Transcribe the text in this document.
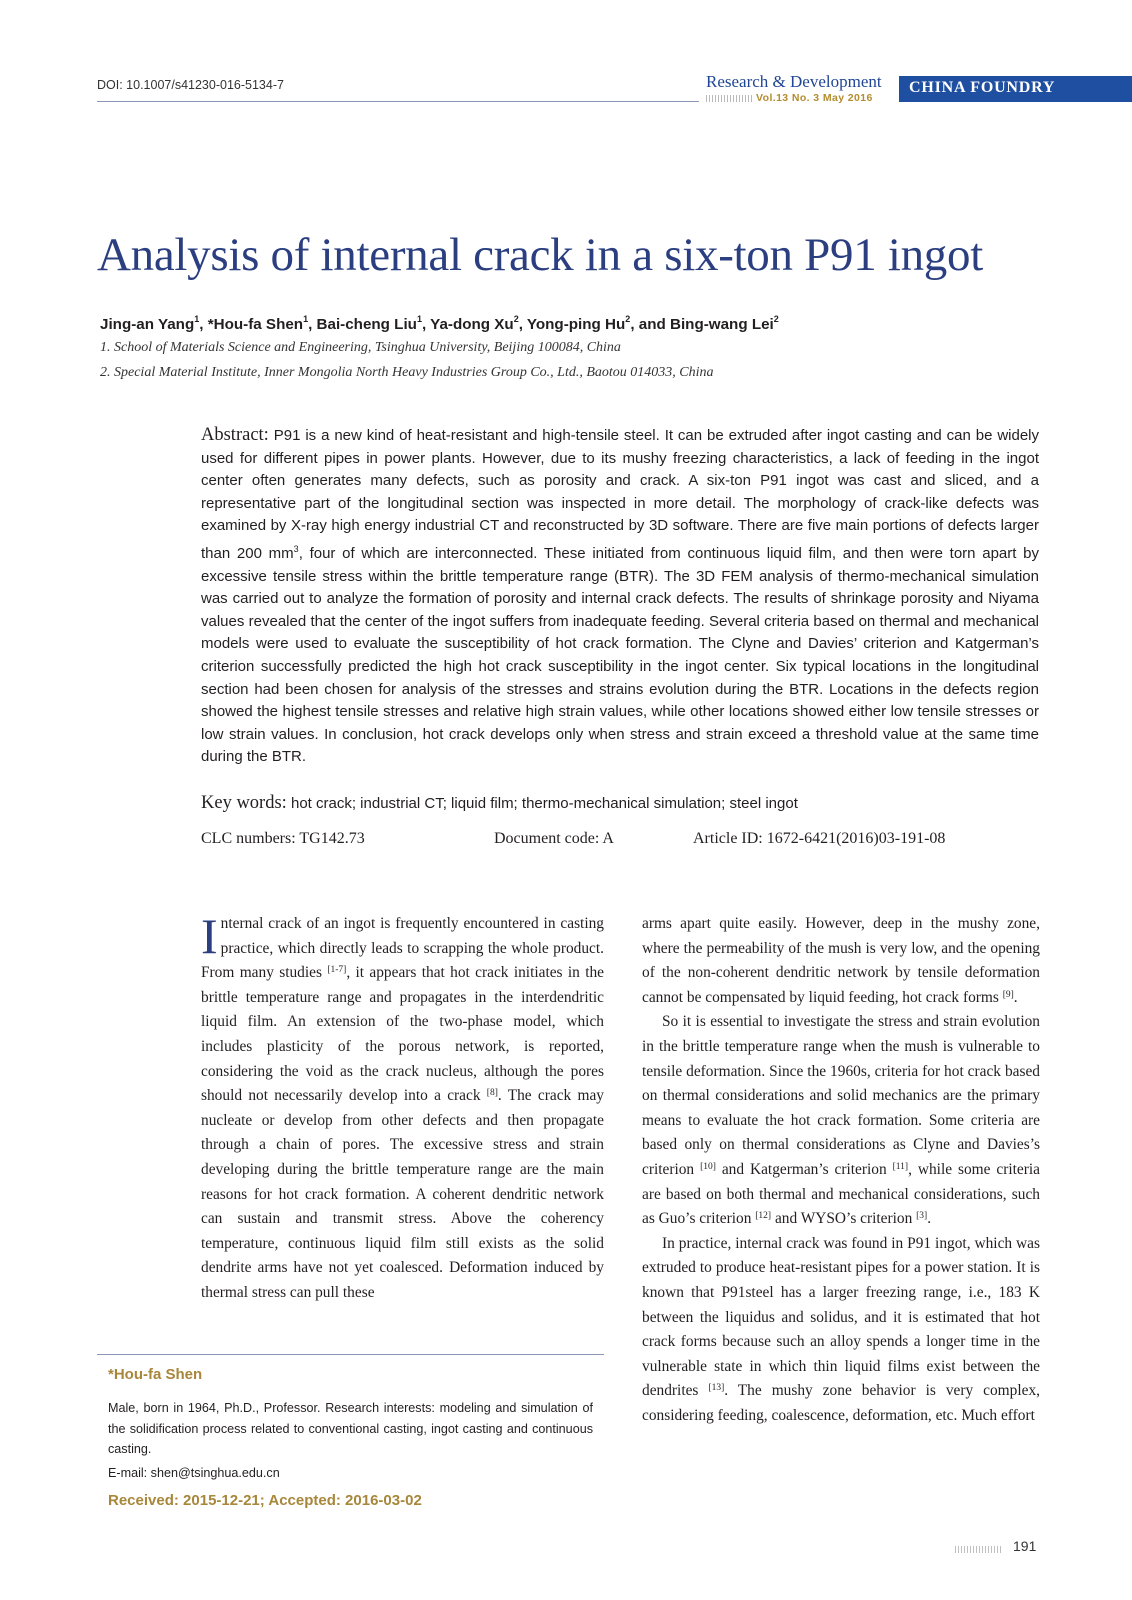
DOI: 10.1007/s41230-016-5134-7	Research & Development
Vol.13 No. 3 May 2016
CHINA FOUNDRY
Analysis of internal crack in a six-ton P91 ingot
Jing-an Yang$^1$, *Hou-fa Shen$^1$, Bai-cheng Liu$^1$, Ya-dong Xu$^2$, Yong-ping Hu$^2$, and Bing-wang Lei$^2$
1. School of Materials Science and Engineering, Tsinghua University, Beijing 100084, China
2. Special Material Institute, Inner Mongolia North Heavy Industries Group Co., Ltd., Baotou 014033, China
Abstract: P91 is a new kind of heat-resistant and high-tensile steel. It can be extruded after ingot casting and can be widely used for different pipes in power plants. However, due to its mushy freezing characteristics, a lack of feeding in the ingot center often generates many defects, such as porosity and crack. A six-ton P91 ingot was cast and sliced, and a representative part of the longitudinal section was inspected in more detail. The morphology of crack-like defects was examined by X-ray high energy industrial CT and reconstructed by 3D software. There are five main portions of defects larger than 200 $mm^3$, four of which are interconnected. These initiated from continuous liquid film, and then were torn apart by excessive tensile stress within the brittle temperature range (BTR). The 3D FEM analysis of thermo-mechanical simulation was carried out to analyze the formation of porosity and internal crack defects. The results of shrinkage porosity and Niyama values revealed that the center of the ingot suffers from inadequate feeding. Several criteria based on thermal and mechanical models were used to evaluate the susceptibility of hot crack formation. The Clyne and Davies’ criterion and Katgerman’s criterion successfully predicted the high hot crack susceptibility in the ingot center. Six typical locations in the longitudinal section had been chosen for analysis of the stresses and strains evolution during the BTR. Locations in the defects region showed the highest tensile stresses and relative high strain values, while other locations showed either low tensile stresses or low strain values. In conclusion, hot crack develops only when stress and strain exceed a threshold value at the same time during the BTR.
Key words: hot crack; industrial CT; liquid film; thermo-mechanical simulation; steel ingot
CLC numbers: TG142.73	Document code: A	Article ID: 1672-6421(2016)03-191-08

Internal crack of an ingot is frequently encountered in casting practice, which directly leads to scrapping the whole product. From many studies [1-7], it appears that hot crack initiates in the brittle temperature range and propagates in the interdendritic liquid film. An extension of the two-phase model, which includes plasticity of the porous network, is reported, considering the void as the crack nucleus, although the pores should not necessarily develop into a crack [8]. The crack may nucleate or develop from other defects and then propagate through a chain of pores. The excessive stress and strain developing during the brittle temperature range are the main reasons for hot crack formation. A coherent dendritic network can sustain and transmit stress. Above the coherency temperature, continuous liquid film still exists as the solid dendrite arms have not yet coalesced. Deformation induced by thermal stress can pull these

arms apart quite easily. However, deep in the mushy zone, where the permeability of the mush is very low, and the opening of the non-coherent dendritic network by tensile deformation cannot be compensated by liquid feeding, hot crack forms [9].

So it is essential to investigate the stress and strain evolution in the brittle temperature range when the mush is vulnerable to tensile deformation. Since the 1960s, criteria for hot crack based on thermal considerations and solid mechanics are the primary means to evaluate the hot crack formation. Some criteria are based only on thermal considerations as Clyne and Davies’s criterion [10] and Katgerman’s criterion [11], while some criteria are based on both thermal and mechanical considerations, such as Guo’s criterion [12] and WYSO’s criterion [3].

In practice, internal crack was found in P91 ingot, which was extruded to produce heat-resistant pipes for a power station. It is known that P91steel has a larger freezing range, i.e., 183 K between the liquidus and solidus, and it is estimated that hot crack forms because such an alloy spends a longer time in the vulnerable state in which thin liquid films exist between the dendrites [13]. The mushy zone behavior is very complex, considering feeding, coalescence, deformation, etc. Much effort

*Hou-fa Shen
Male, born in 1964, Ph.D., Professor. Research interests: modeling and simulation of the solidification process related to conventional casting, ingot casting and continuous casting.
E-mail: shen@tsinghua.edu.cn
Received: 2015-12-21; Accepted: 2016-03-02
191
